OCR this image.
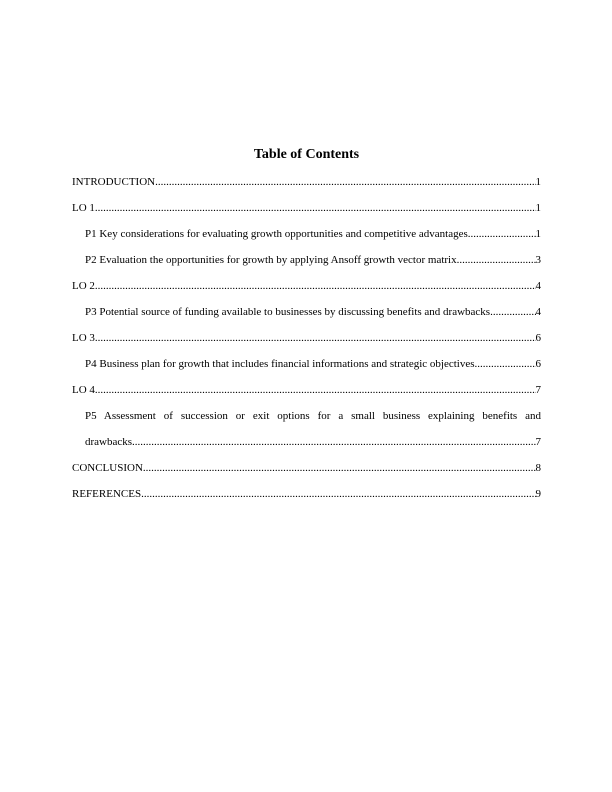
Table of Contents
INTRODUCTION .....	1
LO 1 .....	1
P1 Key considerations for evaluating growth opportunities and competitive advantages .....	1
P2 Evaluation the opportunities for growth by applying Ansoff growth vector matrix .....	3
LO 2 .....	4
P3 Potential source of funding available to businesses by discussing benefits and drawbacks. .....	4
LO 3 .....	6
P4 Business plan for growth that includes financial informations and strategic objectives .....	6
LO 4 .....	7
P5 Assessment of succession or exit options for a small business explaining benefits and
drawbacks .....	7
CONCLUSION .....	8
REFERENCES .....	9
